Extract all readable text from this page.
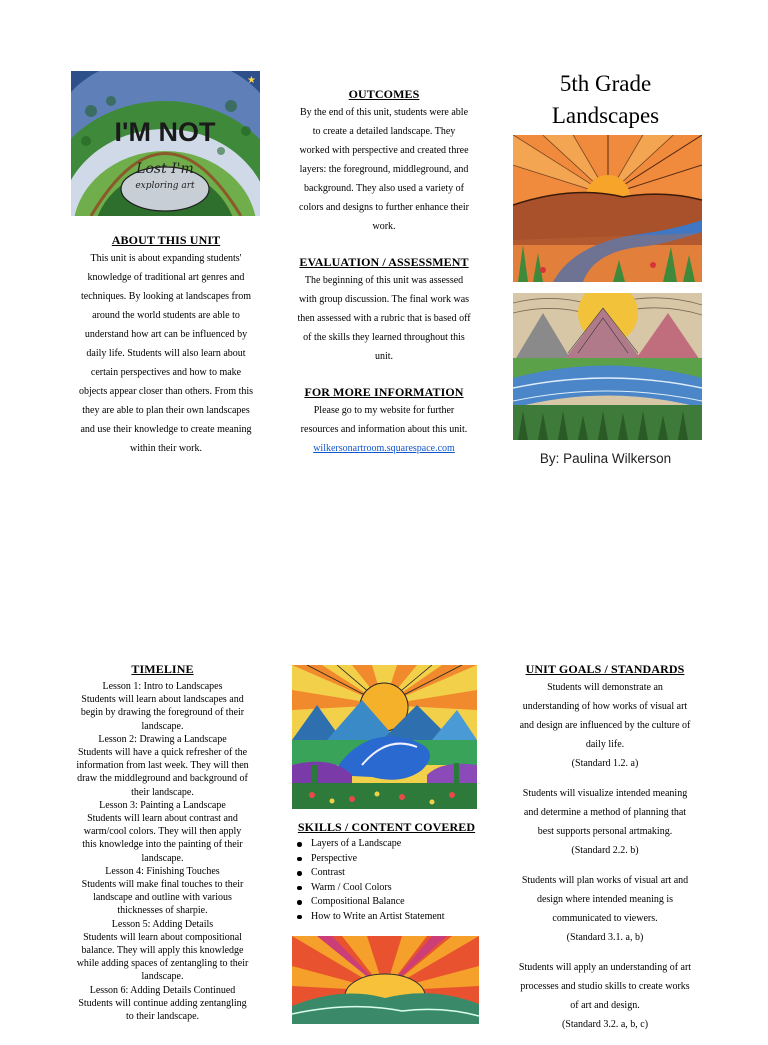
I'M NOT
Lost I'm
exploring art
★
ABOUT THIS UNIT
This unit is about expanding students'
knowledge of traditional art genres and
techniques. By looking at landscapes from
around the world students are able to
understand how art can be influenced by
daily life. Students will also learn about
certain perspectives and how to make
objects appear closer than others. From this
they are able to plan their own landscapes
and use their knowledge to create meaning
within their work.
OUTCOMES
By the end of this unit, students were able
to create a detailed landscape. They
worked with perspective and created three
layers: the foreground, middleground, and
background. They also used a variety of
colors and designs to further enhance their
work.
EVALUATION / ASSESSMENT
The beginning of this unit was assessed
with group discussion. The final work was
then assessed with a rubric that is based off
of the skills they learned throughout this
unit.
FOR MORE INFORMATION
Please go to my website for further
resources and information about this unit.
wilkersonartroom.squarespace.com
5th Grade
Landscapes
By: Paulina Wilkerson
TIMELINE
Lesson 1: Intro to Landscapes
Students will learn about landscapes and
begin by drawing the foreground of their
landscape.
Lesson 2: Drawing a Landscape
Students will have a quick refresher of the
information from last week. They will then
draw the middleground and background of
their landscape.
Lesson 3: Painting a Landscape
Students will learn about contrast and
warm/cool colors. They will then apply
this knowledge into the painting of their
landscape.
Lesson 4: Finishing Touches
Students will make final touches to their
landscape and outline with various
thicknesses of sharpie.
Lesson 5: Adding Details
Students will learn about compositional
balance. They will apply this knowledge
while adding spaces of zentangling to their
landscape.
Lesson 6: Adding Details Continued
Students will continue adding zentangling
to their landscape.
SKILLS / CONTENT COVERED
Layers of a Landscape
Perspective
Contrast
Warm / Cool Colors
Compositional Balance
How to Write an Artist Statement
UNIT GOALS / STANDARDS
Students will demonstrate an
understanding of how works of visual art
and design are influenced by the culture of
daily life.
(Standard 1.2. a)
Students will visualize intended meaning
and determine a method of planning that
best supports personal artmaking.
(Standard 2.2. b)
Students will plan works of visual art and
design where intended meaning is
communicated to viewers.
(Standard 3.1. a, b)
Students will apply an understanding of art
processes and studio skills to create works
of art and design.
(Standard 3.2. a, b, c)
